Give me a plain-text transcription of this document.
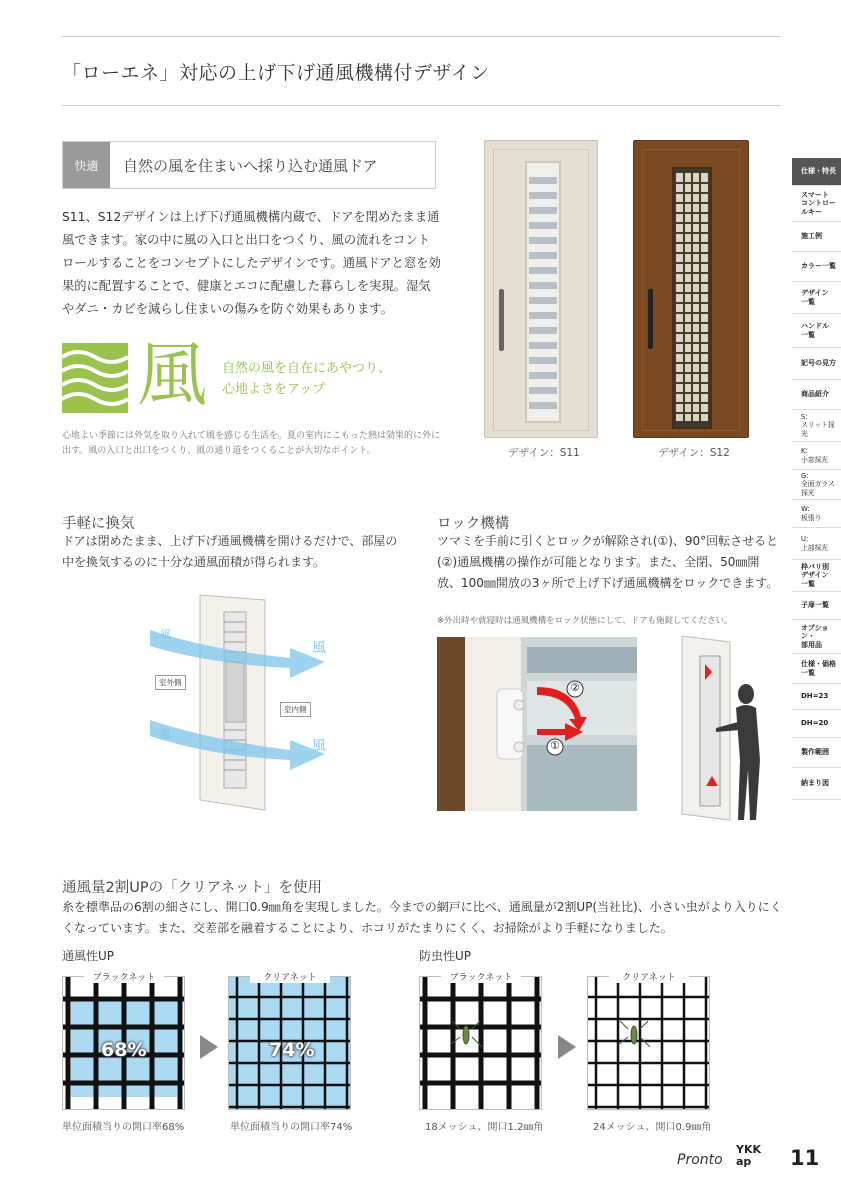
「ローエネ」対応の上げ下げ通風機構付デザイン
快適	自然の風を住まいへ採り込む通風ドア
S11、S12デザインは上げ下げ通風機構内蔵で、ドアを閉めたまま通風できます。家の中に風の入口と出口をつくり、風の流れをコントロールすることをコンセプトにしたデザインです。通風ドアと窓を効果的に配置することで、健康とエコに配慮した暮らしを実現。湿気やダニ・カビを減らし住まいの傷みを防ぐ効果もあります。
風 自然の風を自在にあやつり、
心地よさをアップ
心地よい季節には外気を取り入れて風を感じる生活を。夏の室内にこもった熱は効果的に外に出す。風の入口と出口をつくり、風の通り道をつくることが大切なポイント。	デザイン：S11	デザイン：S12
手軽に換気
ドアは閉めたまま、上げ下げ通風機構を開けるだけで、部屋の中を換気するのに十分な通風面積が得られます。
風
風
風
風
室外側
室内側
ロック機構
ツマミを手前に引くとロックが解除され(①)、90°回転させると(②)通風機構の操作が可能となります。また、全閉、50㎜開放、100㎜開放の3ヶ所で上げ下げ通風機構をロックできます。
※外出時や就寝時は通風機構をロック状態にして、ドアも施錠してください。
②
①
通風量2割UPの「クリアネット」を使用
糸を標準品の6割の細さにし、開口0.9㎜角を実現しました。今までの網戸に比べ、通風量が2割UP(当社比)、小さい虫がより入りにくくなっています。また、交差部を融着することにより、ホコリがたまりにくく、お掃除がより手軽になりました。
通風性UP	防虫性UP
68%
ブラックネット
単位面積当りの開口率68%
74%
クリアネット
単位面積当りの開口率74%
ブラックネット
18メッシュ、開口1.2㎜角
クリアネット
24メッシュ、開口0.9㎜角
仕様・特長
スマート
コントロールキー
施工例
カラー一覧
デザイン
一覧
ハンドル
一覧
記号の見方
商品紹介
S:
スリット採光
K:
小窓採光
G:
全面ガラス採光
W:
板張り
U:
上部採光
枠バリ別
デザイン
一覧
子扉一覧
オプション・
部用品
仕様・価格
一覧
DH=23
DH=20
製作範囲
納まり図
Pronto
YKK ap	11
